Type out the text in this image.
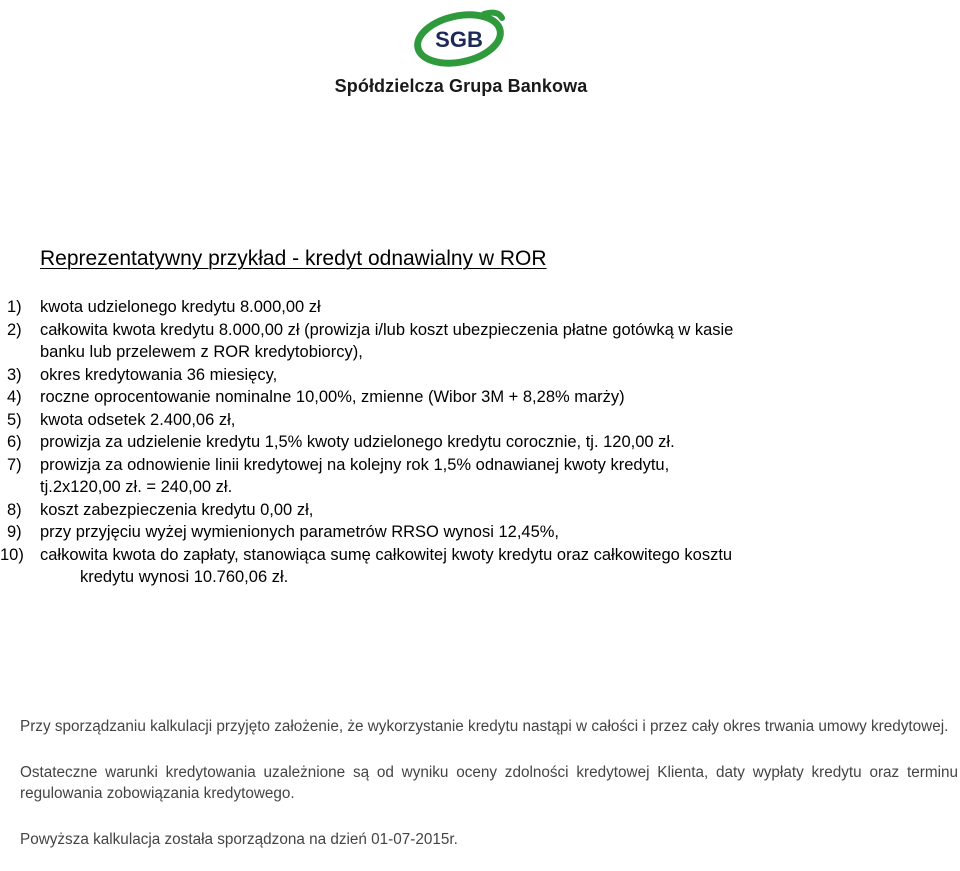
SGB
Spółdzielcza Grupa Bankowa
Reprezentatywny przykład - kredyt odnawialny w ROR
1)	kwota udzielonego kredytu 8.000,00 zł
2)	całkowita kwota kredytu 8.000,00 zł (prowizja i/lub koszt ubezpieczenia płatne gotówką w kasie
banku lub przelewem z ROR kredytobiorcy),
3)	okres kredytowania 36 miesięcy,
4)	roczne oprocentowanie nominalne 10,00%, zmienne (Wibor 3M + 8,28% marży)
5)	kwota odsetek 2.400,06 zł,
6)	prowizja za udzielenie kredytu 1,5% kwoty udzielonego kredytu corocznie, tj. 120,00 zł.
7)	prowizja za odnowienie linii kredytowej na kolejny rok 1,5% odnawianej kwoty kredytu,
tj.2x120,00 zł. = 240,00 zł.
8)	koszt zabezpieczenia kredytu 0,00 zł,
9)	przy przyjęciu wyżej wymienionych parametrów RRSO wynosi 12,45%,
10) całkowita kwota do zapłaty, stanowiąca sumę całkowitej kwoty kredytu oraz całkowitego kosztu
kredytu wynosi 10.760,06 zł.

Przy sporządzaniu kalkulacji przyjęto założenie, że wykorzystanie kredytu nastąpi w całości i przez cały okres trwania umowy kredytowej.

Ostateczne warunki kredytowania uzależnione są od wyniku oceny zdolności kredytowej Klienta, daty wypłaty kredytu oraz terminu regulowania zobowiązania kredytowego.

Powyższa kalkulacja została sporządzona na dzień 01-07-2015r.
